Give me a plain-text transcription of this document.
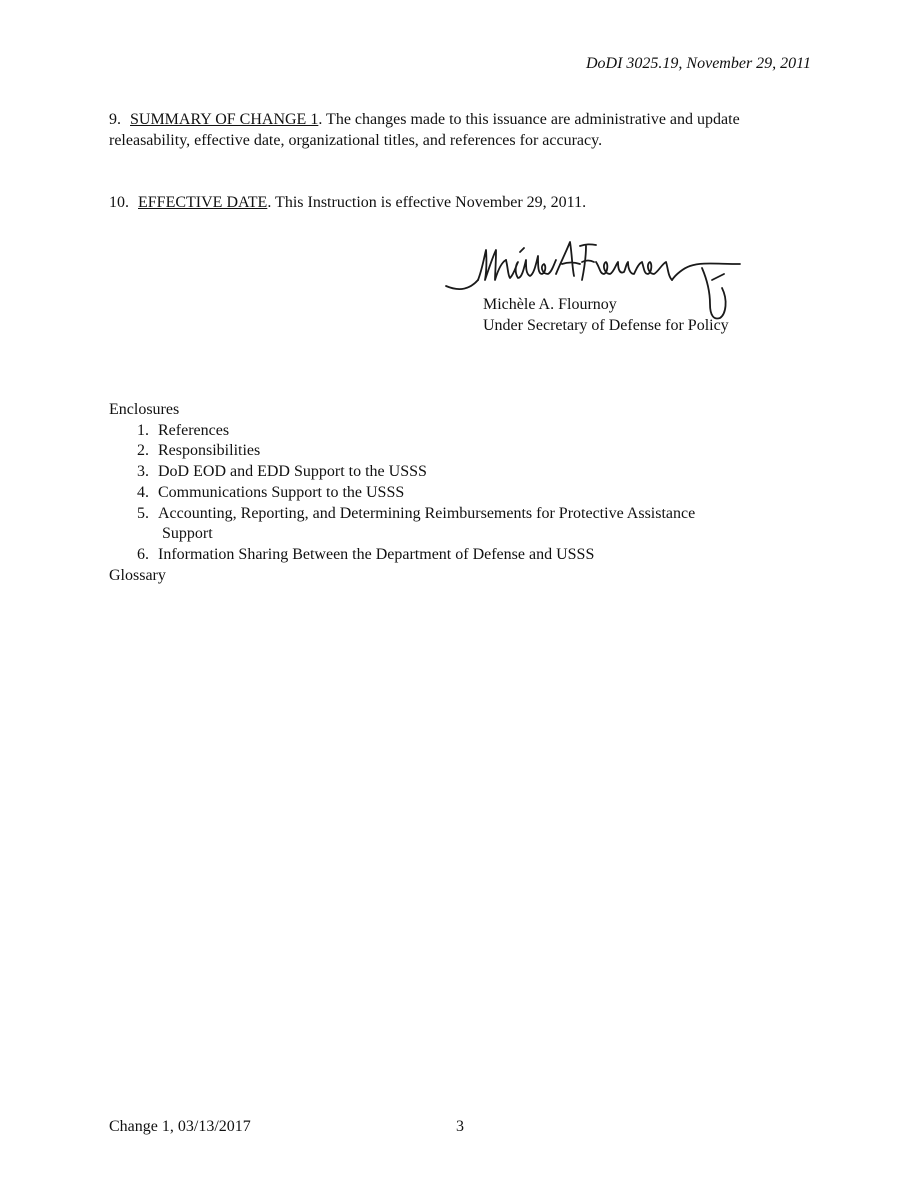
DoDI 3025.19, November 29, 2011
9. SUMMARY OF CHANGE 1. The changes made to this issuance are administrative and update releasability, effective date, organizational titles, and references for accuracy.
10. EFFECTIVE DATE. This Instruction is effective November 29, 2011.
Michèle A. Flournoy
Under Secretary of Defense for Policy
Enclosures
1. References
2. Responsibilities
3. DoD EOD and EDD Support to the USSS
4. Communications Support to the USSS
5. Accounting, Reporting, and Determining Reimbursements for Protective Assistance
Support
6. Information Sharing Between the Department of Defense and USSS
Glossary
Change 1, 03/13/2017	3
